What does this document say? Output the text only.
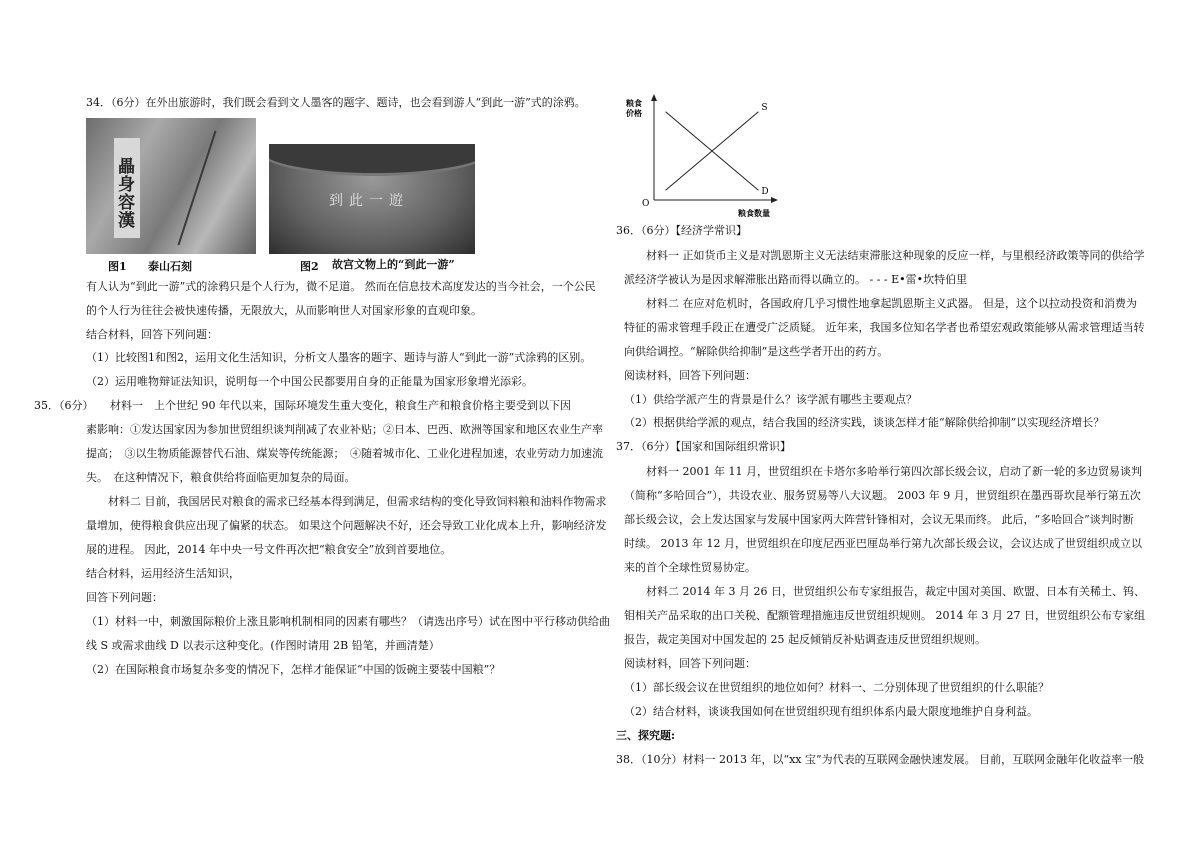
34．（6分）在外出旅游时，我们既会看到文人墨客的题字、题诗，也会看到游人“到此一游”式的涂鸦。
畾身容漢
图1 泰山石刻
到此一遊
图2 故宫文物上的“到此一游”
有人认为“到此一游”式的涂鸦只是个人行为，微不足道。 然而在信息技术高度发达的当今社会，一个公民
的个人行为往往会被快速传播，无限放大，从而影响世人对国家形象的直观印象。
结合材料，回答下列问题：
（1）比较图1和图2，运用文化生活知识，分析文人墨客的题字、题诗与游人“到此一游”式涂鸦的区别。
（2）运用唯物辩证法知识，说明每一个中国公民都要用自身的正能量为国家形象增光添彩。
35．（6分）　　材料一　上个世纪 90 年代以来，国际环境发生重大变化，粮食生产和粮食价格主要受到以下因
素影响：①发达国家因为参加世贸组织谈判削减了农业补贴；②日本、巴西、欧洲等国家和地区农业生产率
提高；　③以生物质能源替代石油、煤炭等传统能源；　④随着城市化、工业化进程加速，农业劳动力加速流
失。　在这种情况下，粮食供给将面临更加复杂的局面。
材料二 目前，我国居民对粮食的需求已经基本得到满足，但需求结构的变化导致饲料粮和油料作物需求
量增加，使得粮食供应出现了偏紧的状态。 如果这个问题解决不好，还会导致工业化成本上升，影响经济发
展的进程。 因此，2014 年中央一号文件再次把“粮食安全”放到首要地位。
结合材料，运用经济生活知识，
回答下列问题：
（1）材料一中，刺激国际粮价上涨且影响机制相同的因素有哪些？（请选出序号）试在图中平行移动供给曲
线 S 或需求曲线 D 以表示这种变化。(作图时请用 2B 铅笔，并画清楚）
（2）在国际粮食市场复杂多变的情况下，怎样才能保证“中国的饭碗主要装中国粮”？
粮食
价格
粮食数量
O
S
D
36．（6分）【经济学常识】
材料一 正如货币主义是对凯恩斯主义无法结束滞胀这种现象的反应一样，与里根经济政策等同的供给学
派经济学被认为是因求解滞胀出路而得以确立的。 - - - E•雷•坎特伯里
材料二 在应对危机时，各国政府几乎习惯性地拿起凯恩斯主义武器。 但是，这个以拉动投资和消费为
特征的需求管理手段正在遭受广泛质疑。 近年来，我国多位知名学者也希望宏观政策能够从需求管理适当转
向供给调控。“解除供给抑制”是这些学者开出的药方。
阅读材料，回答下列问题：
（1）供给学派产生的背景是什么？该学派有哪些主要观点？
（2）根据供给学派的观点，结合我国的经济实践，谈谈怎样才能“解除供给抑制”以实现经济增长？
37．（6分）【国家和国际组织常识】
材料一 2001 年 11 月，世贸组织在卡塔尔多哈举行第四次部长级会议，启动了新一轮的多边贸易谈判
（简称“多哈回合”），共设农业、服务贸易等八大议题。 2003 年 9 月，世贸组织在墨西哥坎昆举行第五次
部长级会议，会上发达国家与发展中国家两大阵营针锋相对，会议无果而终。 此后，“多哈回合”谈判时断
时续。 2013 年 12 月，世贸组织在印度尼西亚巴厘岛举行第九次部长级会议，会议达成了世贸组织成立以
来的首个全球性贸易协定。
材料二 2014 年 3 月 26 日，世贸组织公布专家组报告，裁定中国对美国、欧盟、日本有关稀土、钨、
钼相关产品采取的出口关税、配额管理措施违反世贸组织规则。 2014 年 3 月 27 日，世贸组织公布专家组
报告，裁定美国对中国发起的 25 起反倾销反补贴调查违反世贸组织规则。
阅读材料，回答下列问题：
（1）部长级会议在世贸组织的地位如何？材料一、二分别体现了世贸组织的什么职能？
（2）结合材料，谈谈我国如何在世贸组织现有组织体系内最大限度地维护自身利益。
三、探究题:
38．（10分）材料一 2013 年，以“xx 宝”为代表的互联网金融快速发展。 目前，互联网金融年化收益率一般
